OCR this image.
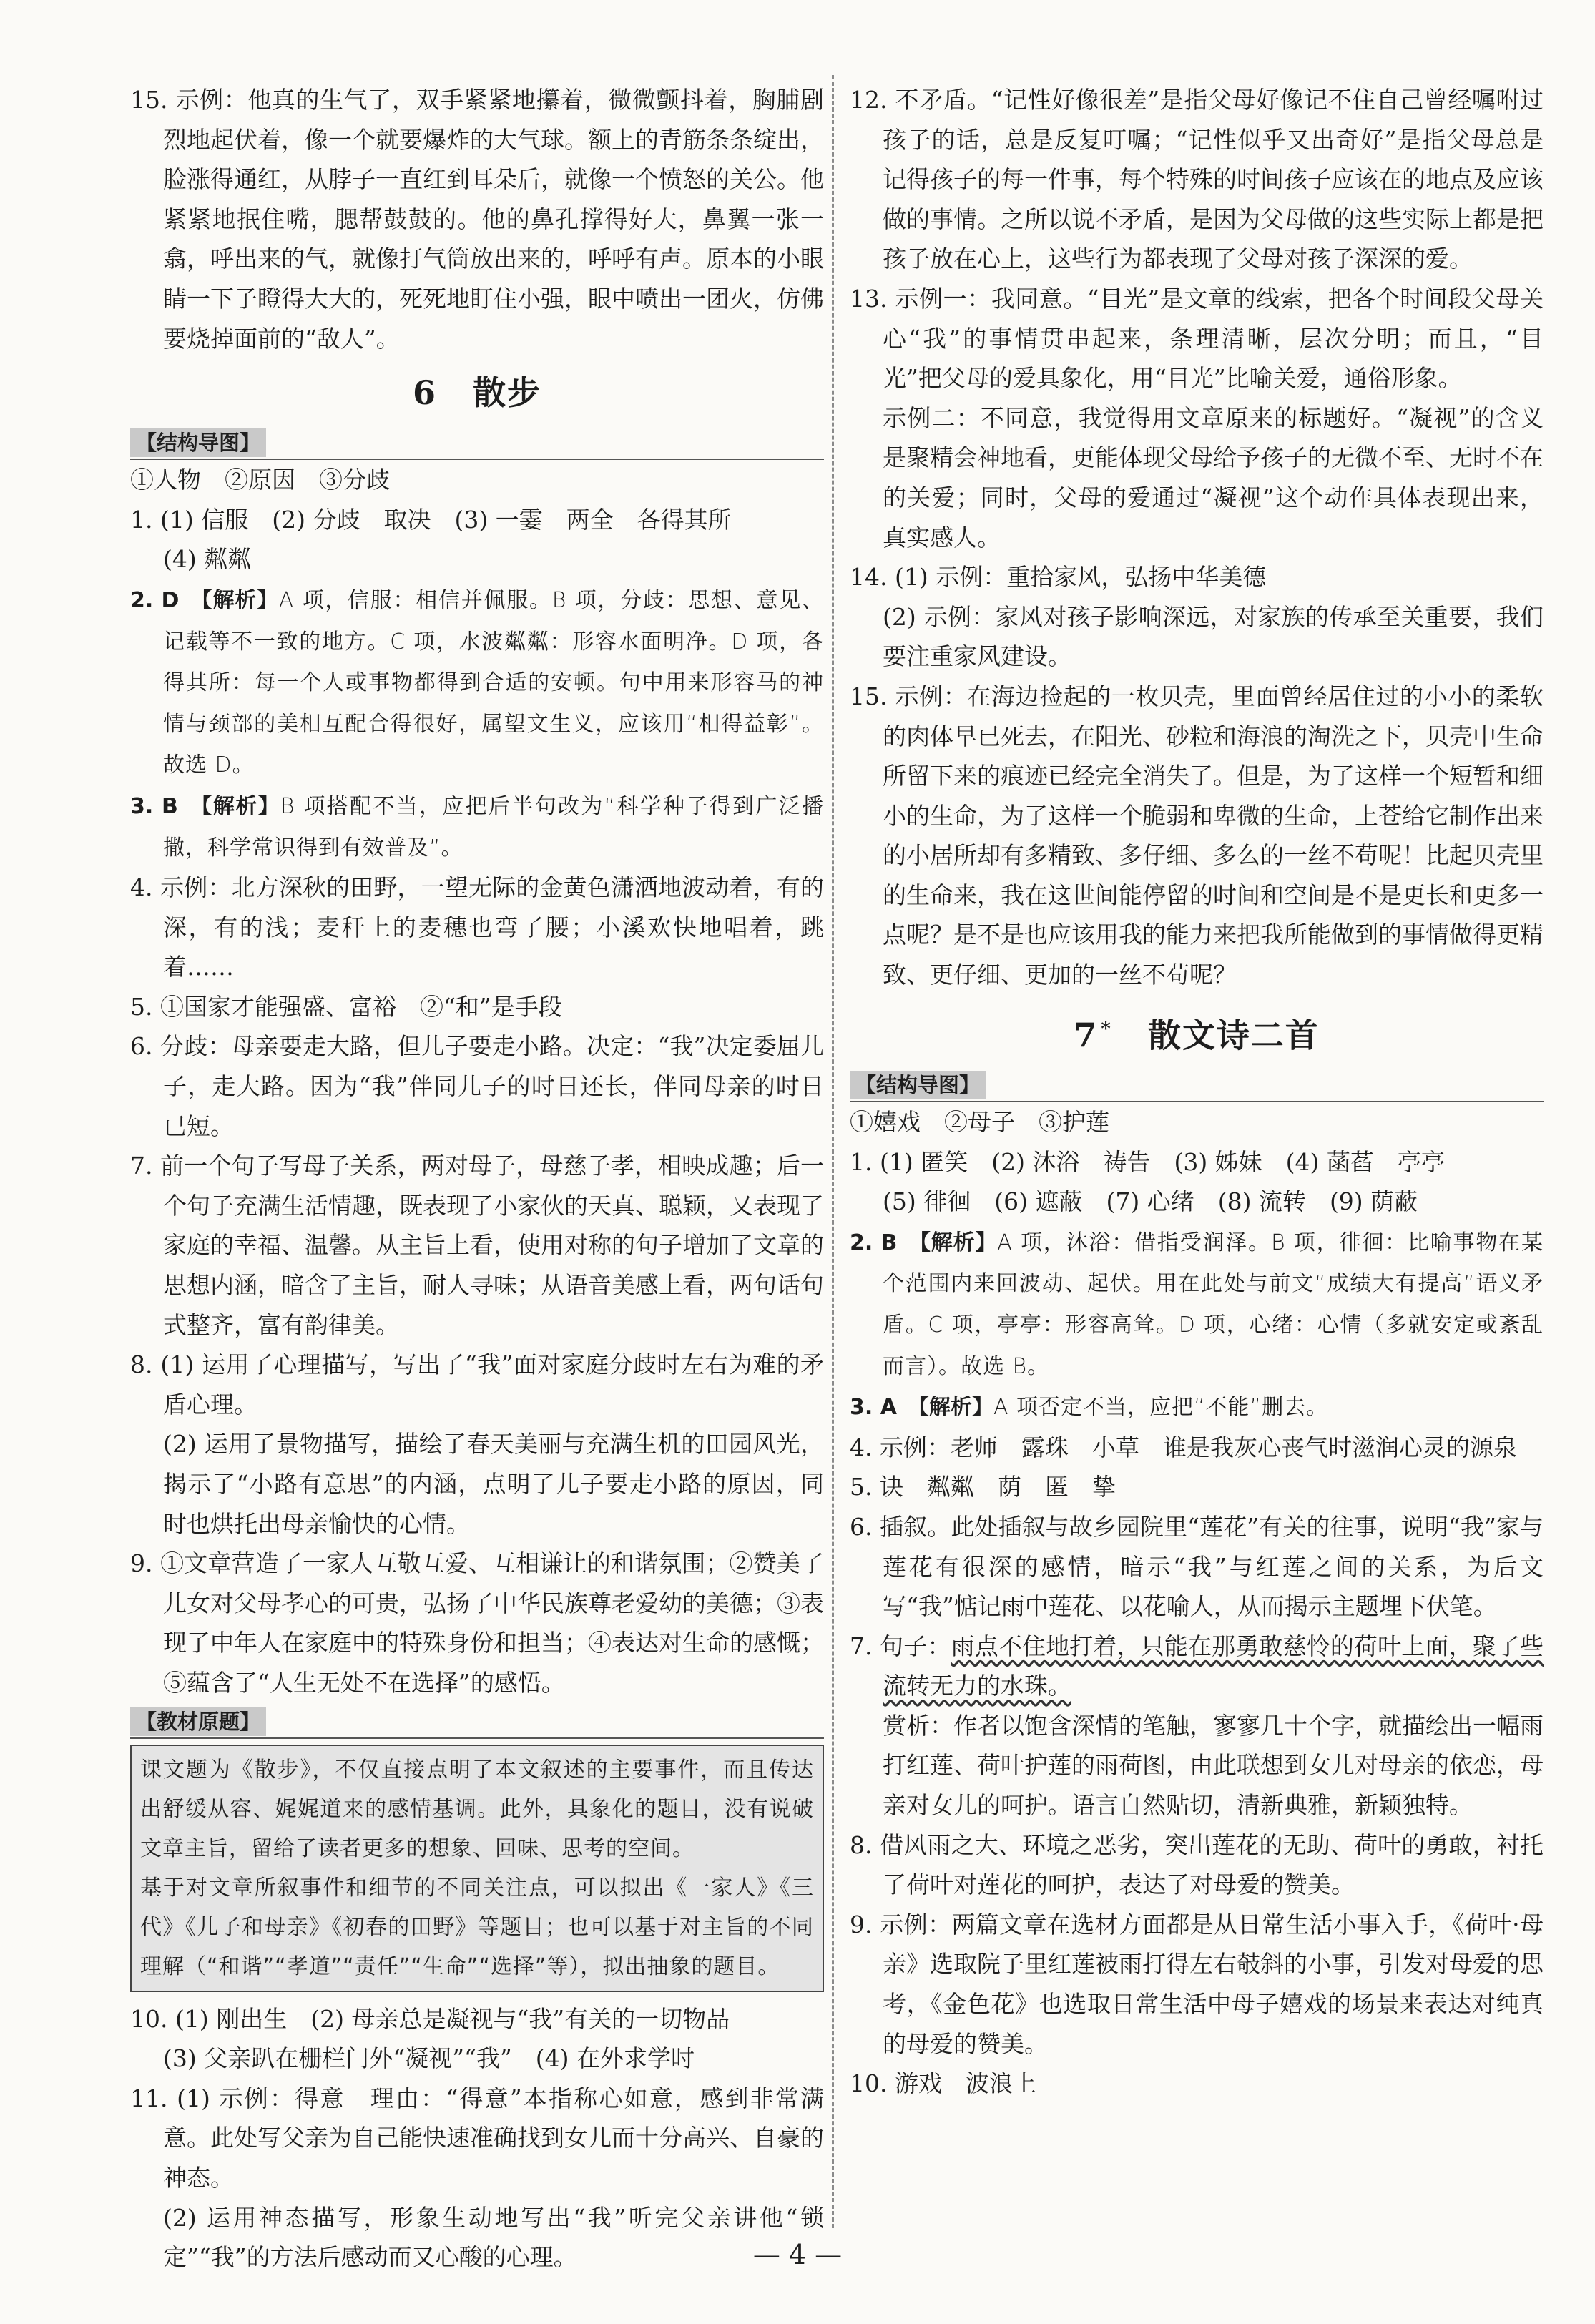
15. 示例：他真的生气了，双手紧紧地攥着，微微颤抖着，胸脯剧烈地起伏着，像一个就要爆炸的大气球。额上的青筋条条绽出，脸涨得通红，从脖子一直红到耳朵后，就像一个愤怒的关公。他紧紧地抿住嘴，腮帮鼓鼓的。他的鼻孔撑得好大，鼻翼一张一翕，呼出来的气，就像打气筒放出来的，呼呼有声。原本的小眼睛一下子瞪得大大的，死死地盯住小强，眼中喷出一团火，仿佛要烧掉面前的“敌人”。

6 散步
【结构导图】

①人物　②原因　③分歧

1. (1) 信服　(2) 分歧　取决　(3) 一霎　两全　各得其所

(4) 粼粼

2. D　【解析】A 项，信服：相信并佩服。B 项，分歧：思想、意见、记载等不一致的地方。C 项，水波粼粼：形容水面明净。D 项，各得其所：每一个人或事物都得到合适的安顿。句中用来形容马的神情与颈部的美相互配合得很好，属望文生义，应该用“相得益彰”。故选 D。

3. B　【解析】B 项搭配不当，应把后半句改为“科学种子得到广泛播撒，科学常识得到有效普及”。

4. 示例：北方深秋的田野，一望无际的金黄色潇洒地波动着，有的深，有的浅；麦秆上的麦穗也弯了腰；小溪欢快地唱着，跳着……

5. ①国家才能强盛、富裕　②“和”是手段

6. 分歧：母亲要走大路，但儿子要走小路。决定：“我”决定委屈儿子，走大路。因为“我”伴同儿子的时日还长，伴同母亲的时日已短。

7. 前一个句子写母子关系，两对母子，母慈子孝，相映成趣；后一个句子充满生活情趣，既表现了小家伙的天真、聪颖，又表现了家庭的幸福、温馨。从主旨上看，使用对称的句子增加了文章的思想内涵，暗含了主旨，耐人寻味；从语音美感上看，两句话句式整齐，富有韵律美。

8. (1) 运用了心理描写，写出了“我”面对家庭分歧时左右为难的矛盾心理。

(2) 运用了景物描写，描绘了春天美丽与充满生机的田园风光，揭示了“小路有意思”的内涵，点明了儿子要走小路的原因，同时也烘托出母亲愉快的心情。

9. ①文章营造了一家人互敬互爱、互相谦让的和谐氛围；②赞美了儿女对父母孝心的可贵，弘扬了中华民族尊老爱幼的美德；③表现了中年人在家庭中的特殊身份和担当；④表达对生命的感慨；⑤蕴含了“人生无处不在选择”的感悟。

【教材原题】

课文题为《散步》，不仅直接点明了本文叙述的主要事件，而且传达出舒缓从容、娓娓道来的感情基调。此外，具象化的题目，没有说破文章主旨，留给了读者更多的想象、回味、思考的空间。

基于对文章所叙事件和细节的不同关注点，可以拟出《一家人》《三代》《儿子和母亲》《初春的田野》等题目；也可以基于对主旨的不同理解（“和谐”“孝道”“责任”“生命”“选择”等），拟出抽象的题目。

10. (1) 刚出生　(2) 母亲总是凝视与“我”有关的一切物品

(3) 父亲趴在栅栏门外“凝视”“我”　(4) 在外求学时

11. (1) 示例：得意　理由：“得意”本指称心如意，感到非常满意。此处写父亲为自己能快速准确找到女儿而十分高兴、自豪的神态。

(2) 运用神态描写，形象生动地写出“我”听完父亲讲他“锁定”“我”的方法后感动而又心酸的心理。

12. 不矛盾。“记性好像很差”是指父母好像记不住自己曾经嘱咐过孩子的话，总是反复叮嘱；“记性似乎又出奇好”是指父母总是记得孩子的每一件事，每个特殊的时间孩子应该在的地点及应该做的事情。之所以说不矛盾，是因为父母做的这些实际上都是把孩子放在心上，这些行为都表现了父母对孩子深深的爱。

13. 示例一：我同意。“目光”是文章的线索，把各个时间段父母关心“我”的事情贯串起来，条理清晰，层次分明；而且，“目光”把父母的爱具象化，用“目光”比喻关爱，通俗形象。

示例二：不同意，我觉得用文章原来的标题好。“凝视”的含义是聚精会神地看，更能体现父母给予孩子的无微不至、无时不在的关爱；同时，父母的爱通过“凝视”这个动作具体表现出来，真实感人。

14. (1) 示例：重拾家风，弘扬中华美德

(2) 示例：家风对孩子影响深远，对家族的传承至关重要，我们要注重家风建设。

15. 示例：在海边捡起的一枚贝壳，里面曾经居住过的小小的柔软的肉体早已死去，在阳光、砂粒和海浪的淘洗之下，贝壳中生命所留下来的痕迹已经完全消失了。但是，为了这样一个短暂和细小的生命，为了这样一个脆弱和卑微的生命，上苍给它制作出来的小居所却有多精致、多仔细、多么的一丝不苟呢！比起贝壳里的生命来，我在这世间能停留的时间和空间是不是更长和更多一点呢？是不是也应该用我的能力来把我所能做到的事情做得更精致、更仔细、更加的一丝不苟呢？

7 * 散文诗二首
【结构导图】

①嬉戏　②母子　③护莲

1. (1) 匿笑　(2) 沐浴　祷告　(3) 姊妹　(4) 菡萏　亭亭

(5) 徘徊　(6) 遮蔽　(7) 心绪　(8) 流转　(9) 荫蔽

2. B　【解析】A 项，沐浴：借指受润泽。B 项，徘徊：比喻事物在某个范围内来回波动、起伏。用在此处与前文“成绩大有提高”语义矛盾。C 项，亭亭：形容高耸。D 项，心绪：心情（多就安定或紊乱而言）。故选 B。

3. A　【解析】A 项否定不当，应把“不能”删去。

4. 示例：老师　露珠　小草　谁是我灰心丧气时滋润心灵的源泉

5. 诀　粼粼　荫　匿　挚

6. 插叙。此处插叙与故乡园院里“莲花”有关的往事，说明“我”家与莲花有很深的感情，暗示“我”与红莲之间的关系，为后文写“我”惦记雨中莲花、以花喻人，从而揭示主题埋下伏笔。

7. 句子：雨点不住地打着，只能在那勇敢慈怜的荷叶上面，聚了些流转无力的水珠。

赏析：作者以饱含深情的笔触，寥寥几十个字，就描绘出一幅雨打红莲、荷叶护莲的雨荷图，由此联想到女儿对母亲的依恋，母亲对女儿的呵护。语言自然贴切，清新典雅，新颖独特。

8. 借风雨之大、环境之恶劣，突出莲花的无助、荷叶的勇敢，衬托了荷叶对莲花的呵护，表达了对母爱的赞美。

9. 示例：两篇文章在选材方面都是从日常生活小事入手，《荷叶·母亲》选取院子里红莲被雨打得左右攲斜的小事，引发对母爱的思考，《金色花》也选取日常生活中母子嬉戏的场景来表达对纯真的母爱的赞美。

10. 游戏　波浪上

— 4 —
